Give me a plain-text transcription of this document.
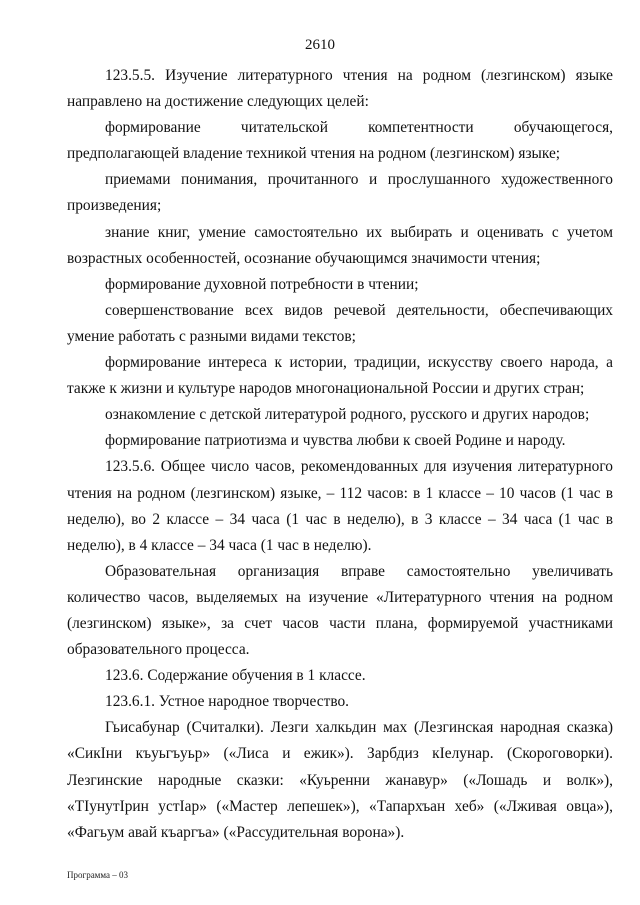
2610

123.5.5. Изучение литературного чтения на родном (лезгинском) языке направлено на достижение следующих целей:

формирование читательской компетентности обучающегося, предполагающей владение техникой чтения на родном (лезгинском) языке;

приемами понимания, прочитанного и прослушанного художественного произведения;

знание книг, умение самостоятельно их выбирать и оценивать с учетом возрастных особенностей, осознание обучающимся значимости чтения;

формирование духовной потребности в чтении;

совершенствование всех видов речевой деятельности, обеспечивающих умение работать с разными видами текстов;

формирование интереса к истории, традиции, искусству своего народа, а также к жизни и культуре народов многонациональной России и других стран;

ознакомление с детской литературой родного, русского и других народов;

формирование патриотизма и чувства любви к своей Родине и народу.

123.5.6. Общее число часов, рекомендованных для изучения литературного чтения на родном (лезгинском) языке, – 112 часов: в 1 классе – 10 часов (1 час в неделю), во 2 классе – 34 часа (1 час в неделю), в 3 классе – 34 часа (1 час в неделю), в 4 классе – 34 часа (1 час в неделю).

Образовательная организация вправе самостоятельно увеличивать количество часов, выделяемых на изучение «Литературного чтения на родном (лезгинском) языке», за счет часов части плана, формируемой участниками образовательного процесса.

123.6. Содержание обучения в 1 классе.

123.6.1. Устное народное творчество.

Гьисабунар (Считалки). Лезги халкьдин мах (Лезгинская народная сказка) «СикIни къуьгъуьр» («Лиса и ежик»). Зарбдиз кIелунар. (Скороговорки). Лезгинские народные сказки: «Куьренни жанавур» («Лошадь и волк»), «ТIунутIрин устIар» («Мастер лепешек»), «Тапархъан хеб» («Лживая овца»), «Фагьум авай къаргъа» («Рассудительная ворона»).

Программа – 03
